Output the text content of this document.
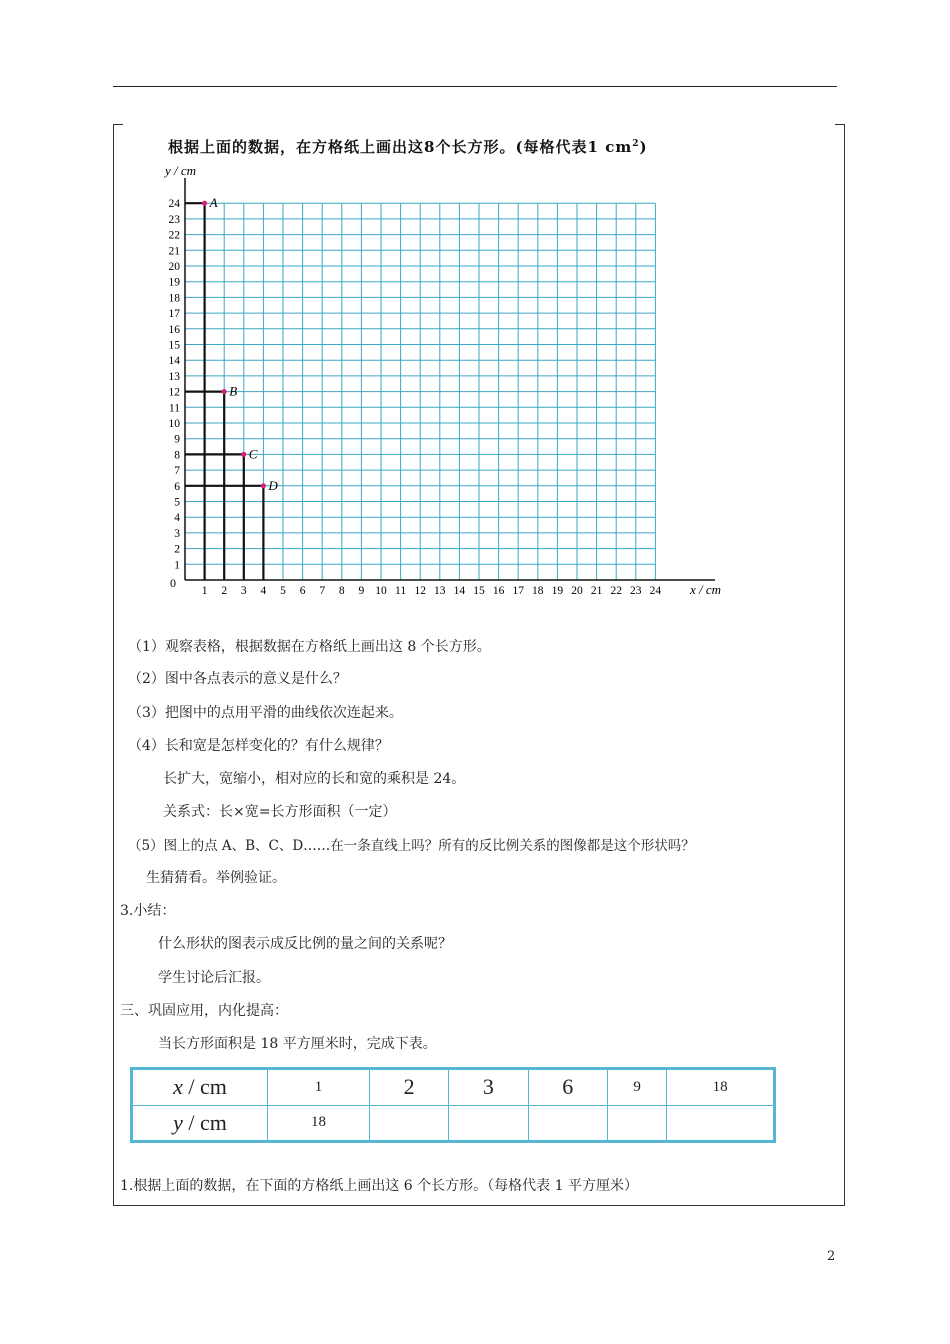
根据上面的数据，在方格纸上画出这8个长方形。(每格代表1 $cm^2$)
1 2 3 4 5 6 7 8 9 10 11 12 13 14 15 16 17 18 19 20 21 22 23 24
1
2
3
4
5
6
7
8
9
10
11
12
13
14
15
16
17
18
19
20
21
22
23
24 A
B
C
D
y / cm
x / cm
0
（1）观察表格，根据数据在方格纸上画出这 8 个长方形。
（2）图中各点表示的意义是什么？
（3）把图中的点用平滑的曲线依次连起来。
（4）长和宽是怎样变化的？有什么规律？
长扩大，宽缩小，相对应的长和宽的乘积是 24。
关系式：长×宽=长方形面积（一定）
（5）图上的点 A、B、C、D……在一条直线上吗？所有的反比例关系的图像都是这个形状吗？
生猜猜看。举例验证。
3.小结：
什么形状的图表示成反比例的量之间的关系呢？
学生讨论后汇报。
三、巩固应用，内化提高：
当长方形面积是 18 平方厘米时，完成下表。
x / cm	1	2	3	6	9	18
y / cm	18					
1.根据上面的数据，在下面的方格纸上画出这 6 个长方形。（每格代表 1 平方厘米）
2
